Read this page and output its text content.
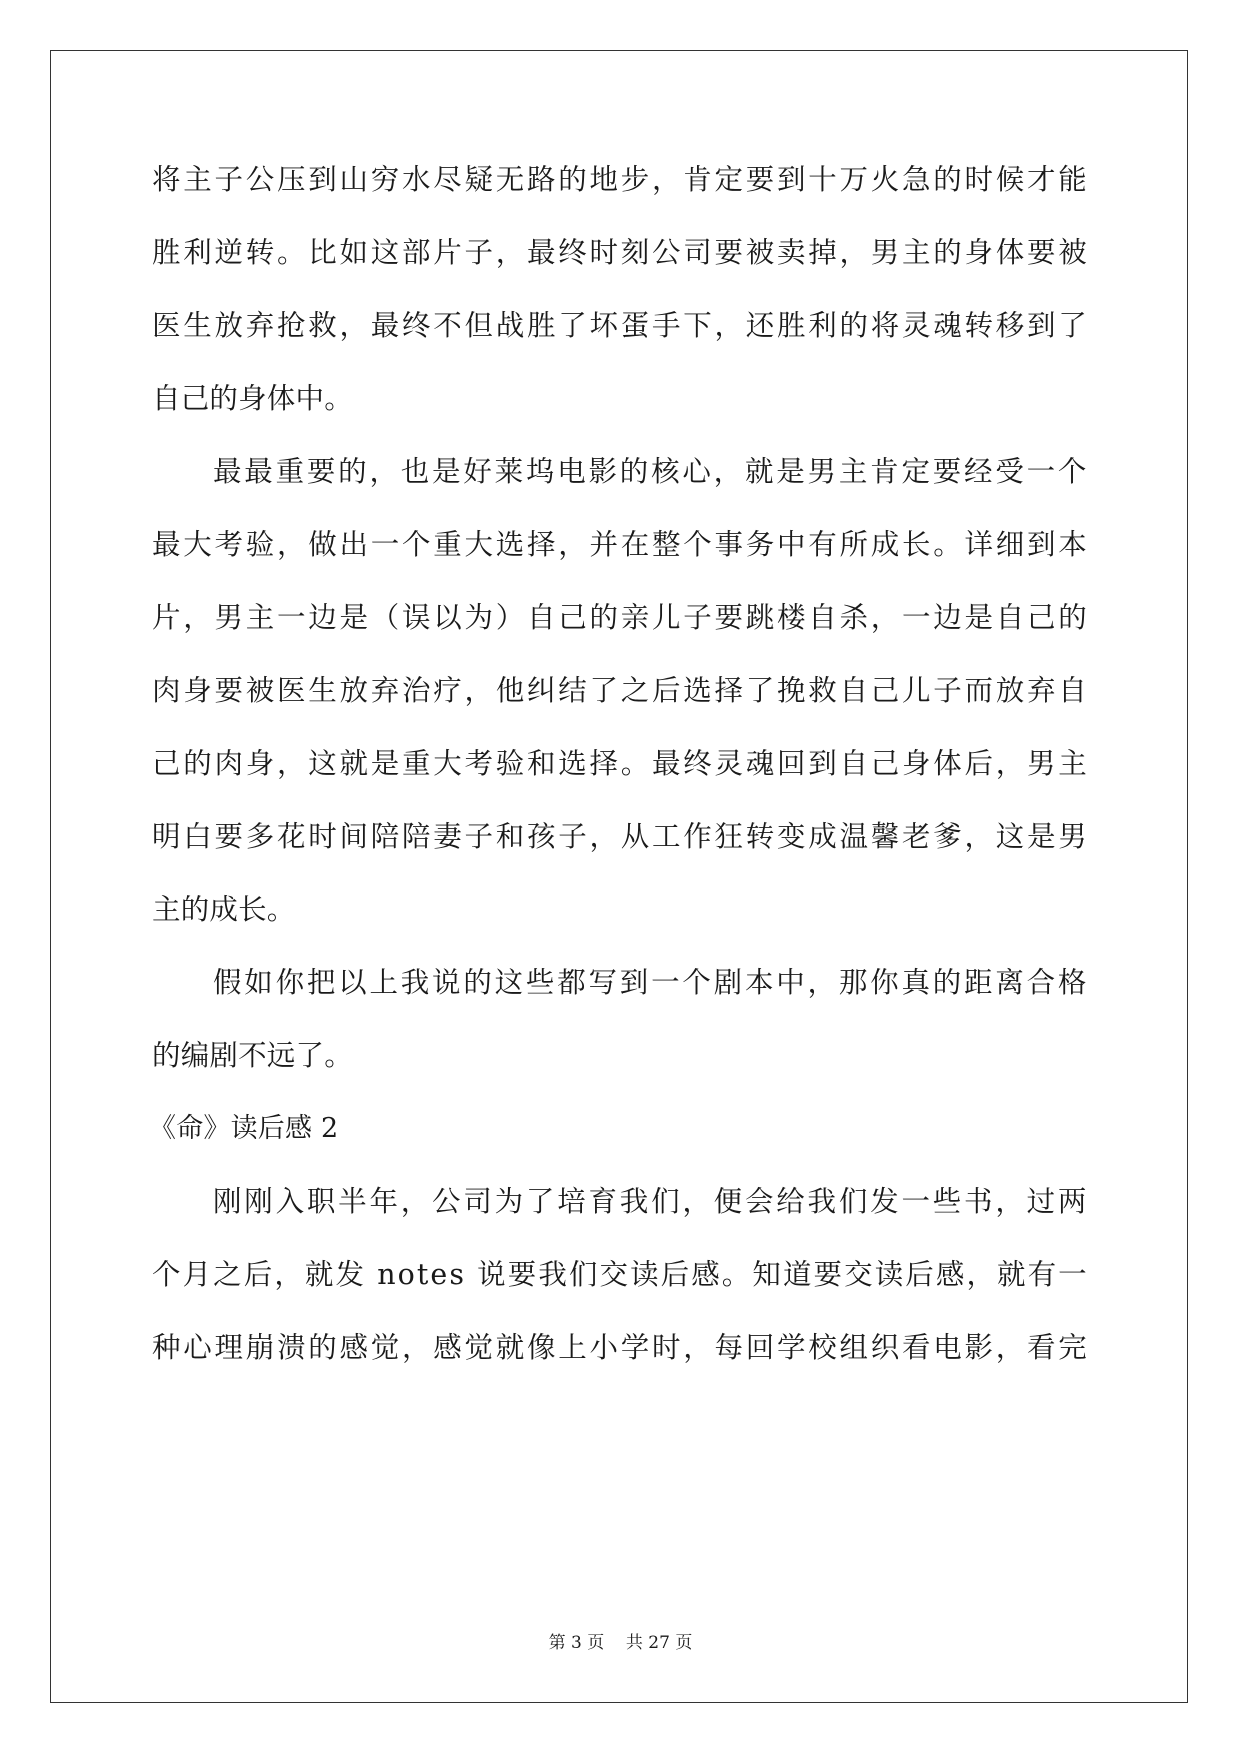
将主子公压到山穷水尽疑无路的地步，肯定要到十万火急的时候才能
胜利逆转。比如这部片子，最终时刻公司要被卖掉，男主的身体要被
医生放弃抢救，最终不但战胜了坏蛋手下，还胜利的将灵魂转移到了
自己的身体中。
最最重要的，也是好莱坞电影的核心，就是男主肯定要经受一个
最大考验，做出一个重大选择，并在整个事务中有所成长。详细到本
片，男主一边是（误以为）自己的亲儿子要跳楼自杀，一边是自己的
肉身要被医生放弃治疗，他纠结了之后选择了挽救自己儿子而放弃自
己的肉身，这就是重大考验和选择。最终灵魂回到自己身体后，男主
明白要多花时间陪陪妻子和孩子，从工作狂转变成温馨老爹，这是男
主的成长。
假如你把以上我说的这些都写到一个剧本中，那你真的距离合格
的编剧不远了。
《命》读后感 2
刚刚入职半年，公司为了培育我们，便会给我们发一些书，过两
个月之后，就发 notes 说要我们交读后感。知道要交读后感，就有一
种心理崩溃的感觉，感觉就像上小学时，每回学校组织看电影，看完
第 3 页 共 27 页
